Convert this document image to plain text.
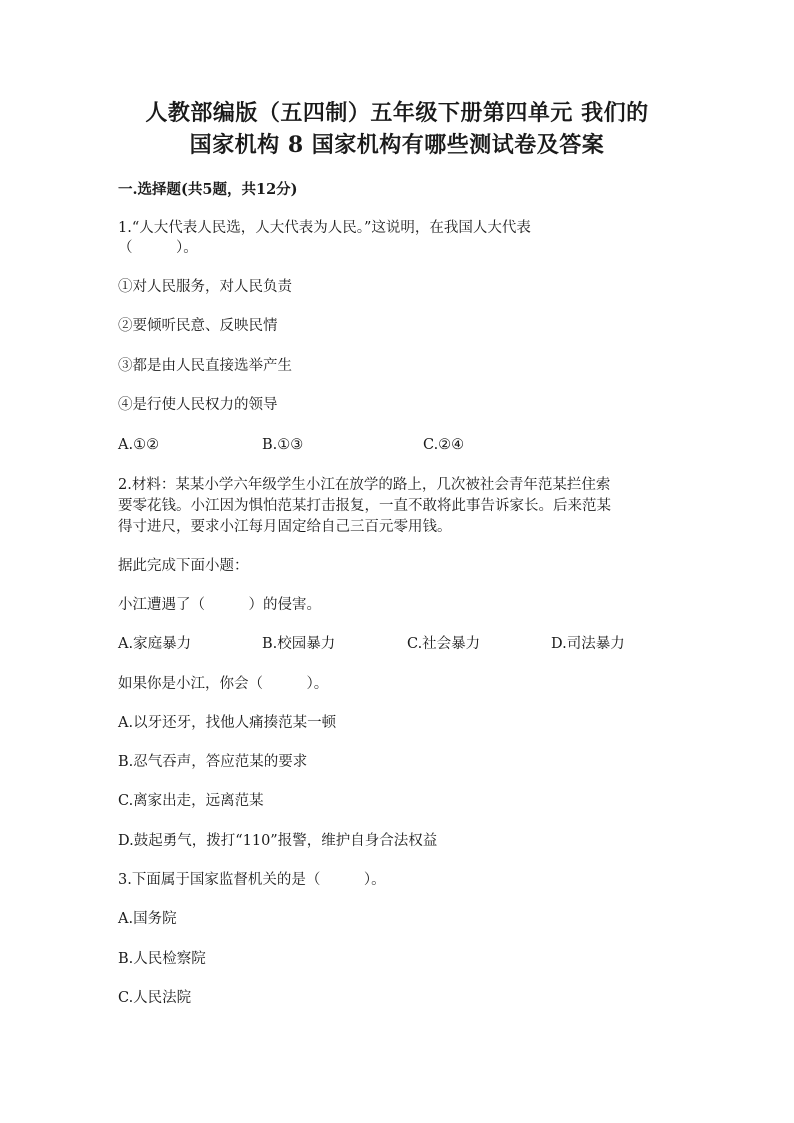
人教部编版（五四制）五年级下册第四单元 我们的
国家机构 8 国家机构有哪些测试卷及答案
一.选择题(共5题，共12分)
1.“人大代表人民选，人大代表为人民。”这说明，在我国人大代表
（　　　）。
①对人民服务，对人民负责
②要倾听民意、反映民情
③都是由人民直接选举产生
④是行使人民权力的领导
A.①②	B.①③	C.②④
2.材料：某某小学六年级学生小江在放学的路上，几次被社会青年范某拦住索
要零花钱。小江因为惧怕范某打击报复，一直不敢将此事告诉家长。后来范某
得寸进尺，要求小江每月固定给自己三百元零用钱。
据此完成下面小题：
小江遭遇了（　　　）的侵害。
A.家庭暴力	B.校园暴力	C.社会暴力	D.司法暴力
如果你是小江，你会（　　　）。
A.以牙还牙，找他人痛揍范某一顿
B.忍气吞声，答应范某的要求
C.离家出走，远离范某
D.鼓起勇气，拨打“110”报警，维护自身合法权益
3.下面属于国家监督机关的是（　　　）。
A.国务院
B.人民检察院
C.人民法院
